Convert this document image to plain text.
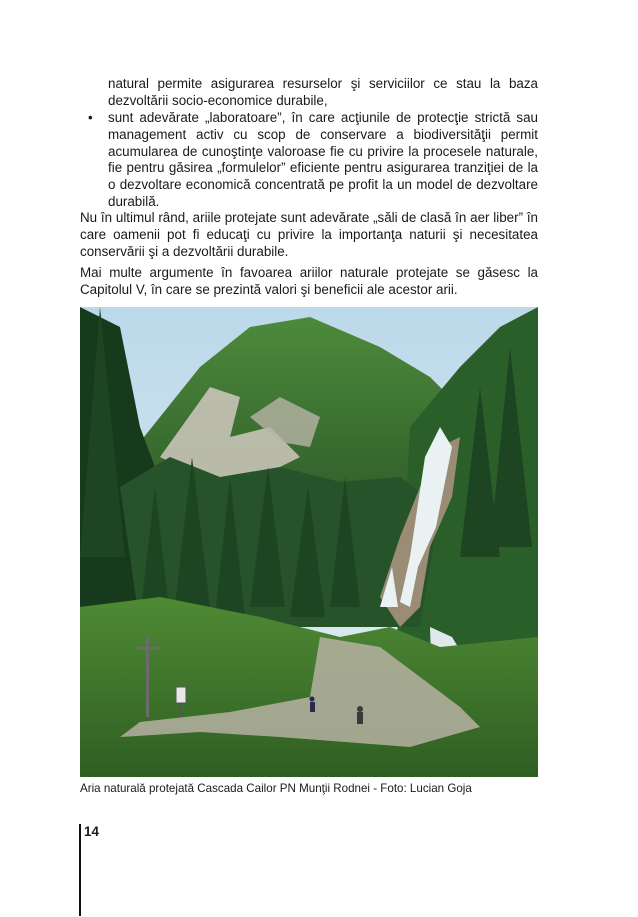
natural permite asigurarea resurselor şi serviciilor ce stau la baza dezvoltării socio-economice durabile,
• sunt adevărate „laboratoare”, în care acţiunile de protecţie strictă sau management activ cu scop de conservare a biodiversităţii permit acumularea de cunoştinţe valoroase fie cu privire la procesele naturale, fie pentru găsirea „formulelor” eficiente pentru asigurarea tranziţiei de la o dezvoltare economică concentrată pe profit la un model de dezvoltare durabilă.
Nu în ultimul rând, ariile protejate sunt adevărate „săli de clasă în aer liber” în care oamenii pot fi educaţi cu privire la importanţa naturii şi necesitatea conservării şi a dezvoltării durabile.
Mai multe argumente în favoarea ariilor naturale protejate se găsesc la Capitolul V, în care se prezintă valori şi beneficii ale acestor arii.
Aria naturală protejată Cascada Cailor PN Munţii Rodnei - Foto: Lucian Goja
14
